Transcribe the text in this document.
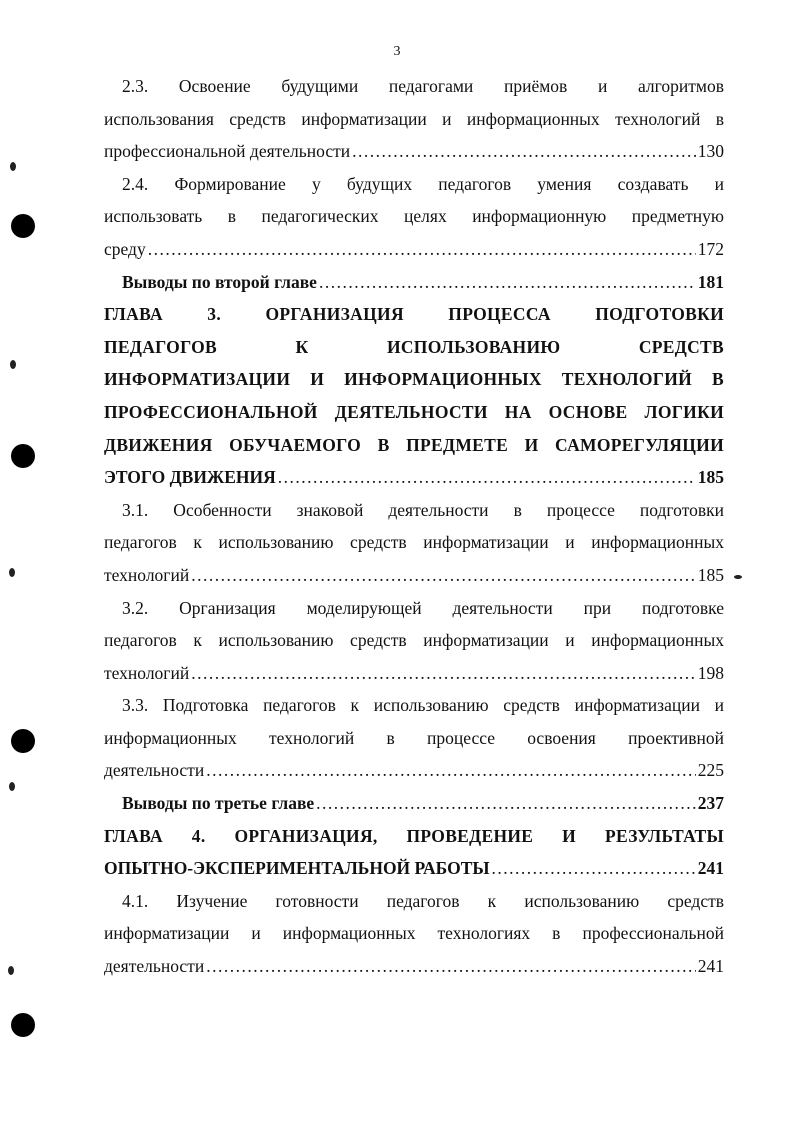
3
2.3. Освоение будущими педагогами приёмов и алгоритмов
использования средств информатизации и информационных технологий в
профессиональной деятельности .....	130
2.4. Формирование у будущих педагогов умения создавать и
использовать в педагогических целях информационную предметную
среду .....	172
Выводы по второй главе .....	181
ГЛАВА 3. ОРГАНИЗАЦИЯ ПРОЦЕССА ПОДГОТОВКИ
ПЕДАГОГОВ К ИСПОЛЬЗОВАНИЮ СРЕДСТВ
ИНФОРМАТИЗАЦИИ И ИНФОРМАЦИОННЫХ ТЕХНОЛОГИЙ В
ПРОФЕССИОНАЛЬНОЙ ДЕЯТЕЛЬНОСТИ НА ОСНОВЕ ЛОГИКИ
ДВИЖЕНИЯ ОБУЧАЕМОГО В ПРЕДМЕТЕ И САМОРЕГУЛЯЦИИ
ЭТОГО ДВИЖЕНИЯ .....	185
3.1. Особенности знаковой деятельности в процессе подготовки
педагогов к использованию средств информатизации и информационных
технологий .....	185
3.2. Организация моделирующей деятельности при подготовке
педагогов к использованию средств информатизации и информационных
технологий .....	198
3.3. Подготовка педагогов к использованию средств информатизации и
информационных технологий в процессе освоения проективной
деятельности .....	225
Выводы по третье главе .....	237
ГЛАВА 4. ОРГАНИЗАЦИЯ, ПРОВЕДЕНИЕ И РЕЗУЛЬТАТЫ
ОПЫТНО-ЭКСПЕРИМЕНТАЛЬНОЙ РАБОТЫ .....	241
4.1. Изучение готовности педагогов к использованию средств
информатизации и информационных технологиях в профессиональной
деятельности .....	241
